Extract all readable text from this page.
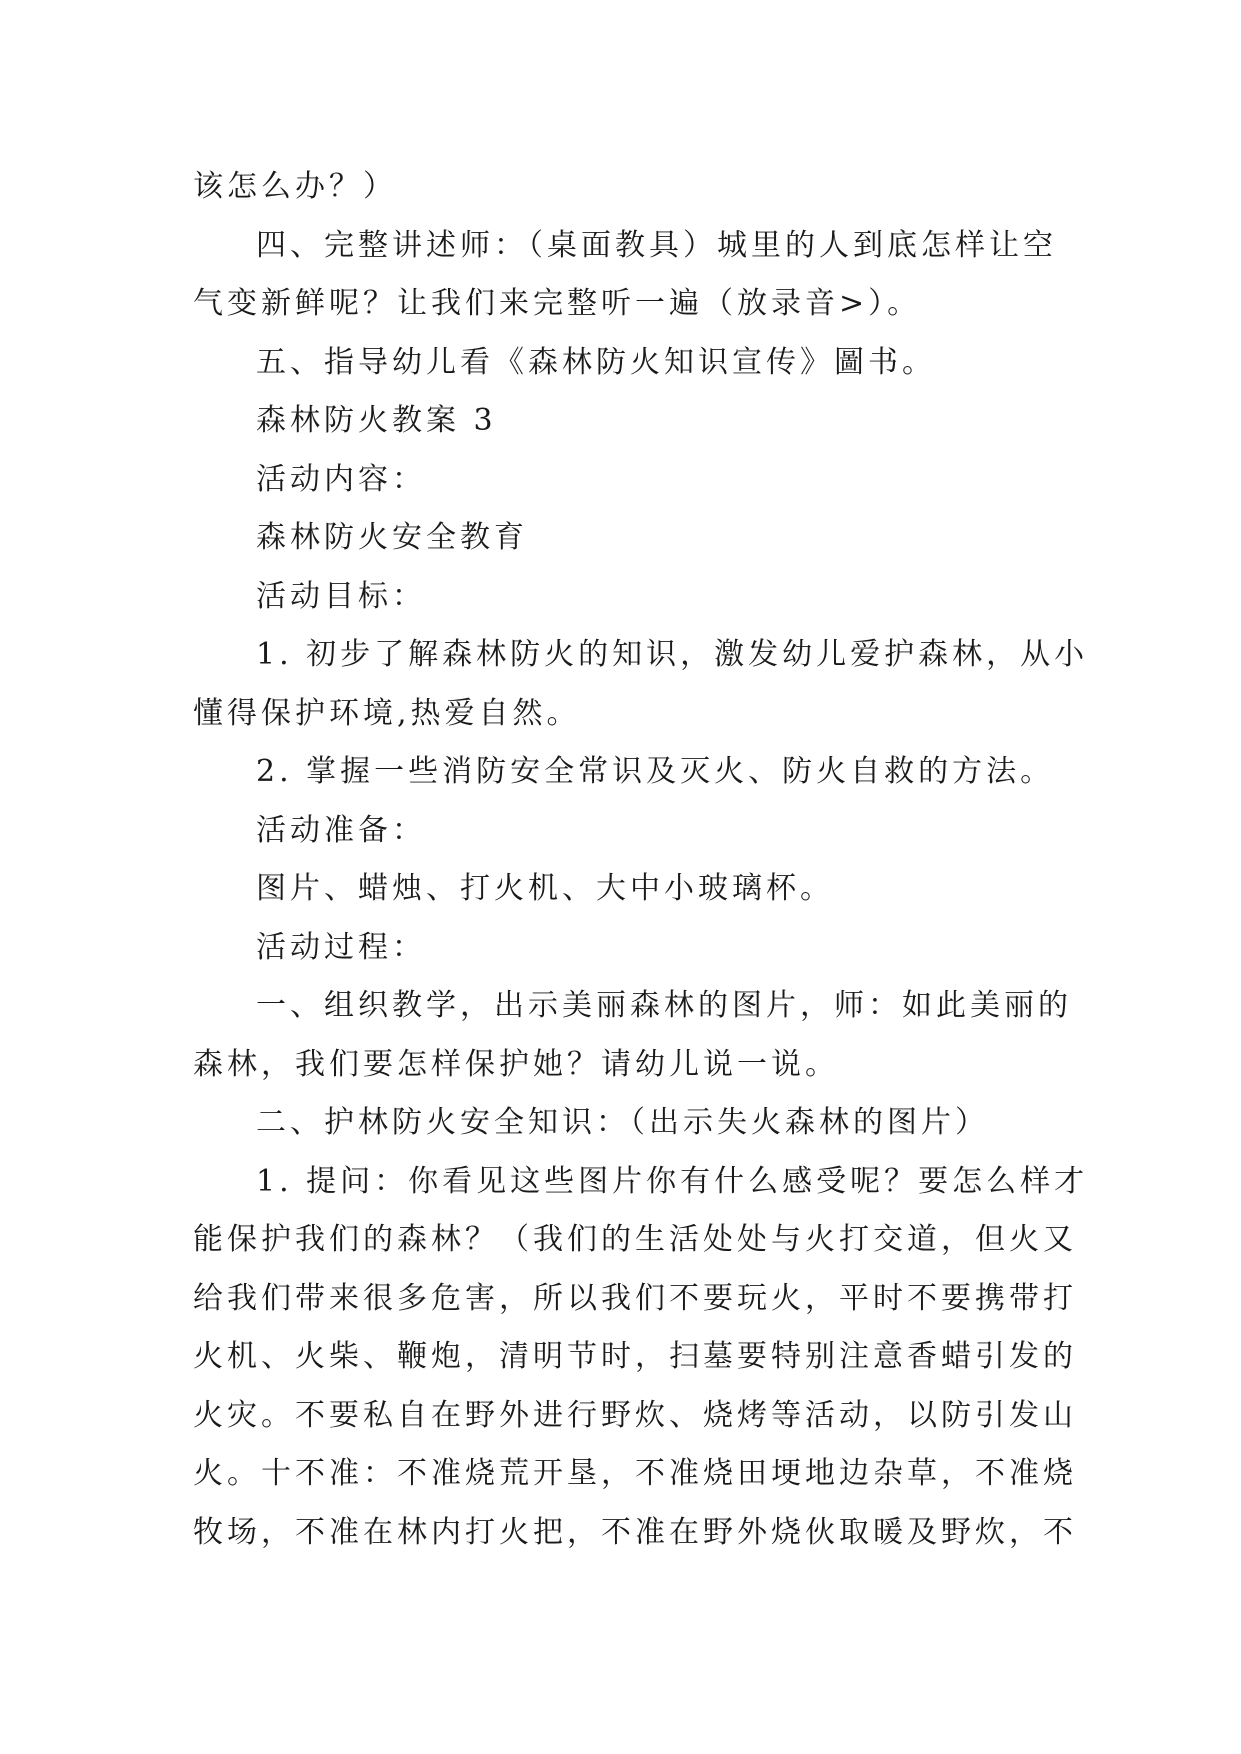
该怎么办？）
四、完整讲述师：（桌面教具）城里的人到底怎样让空
气变新鲜呢？让我们来完整听一遍（放录音>）。
五、指导幼儿看《森林防火知识宣传》圖书。
森林防火教案 3
活动内容：
森林防火安全教育
活动目标：
1. 初步了解森林防火的知识，激发幼儿爱护森林，从小
懂得保护环境,热爱自然。
2. 掌握一些消防安全常识及灭火、防火自救的方法。
活动准备：
图片、蜡烛、打火机、大中小玻璃杯。
活动过程：
一、组织教学，出示美丽森林的图片，师：如此美丽的
森林，我们要怎样保护她？请幼儿说一说。
二、护林防火安全知识：（出示失火森林的图片）
1. 提问：你看见这些图片你有什么感受呢？要怎么样才
能保护我们的森林？（我们的生活处处与火打交道，但火又
给我们带来很多危害，所以我们不要玩火，平时不要携带打
火机、火柴、鞭炮，清明节时，扫墓要特别注意香蜡引发的
火灾。不要私自在野外进行野炊、烧烤等活动，以防引发山
火。十不准：不准烧荒开垦，不准烧田埂地边杂草，不准烧
牧场，不准在林内打火把，不准在野外烧伙取暖及野炊，不
